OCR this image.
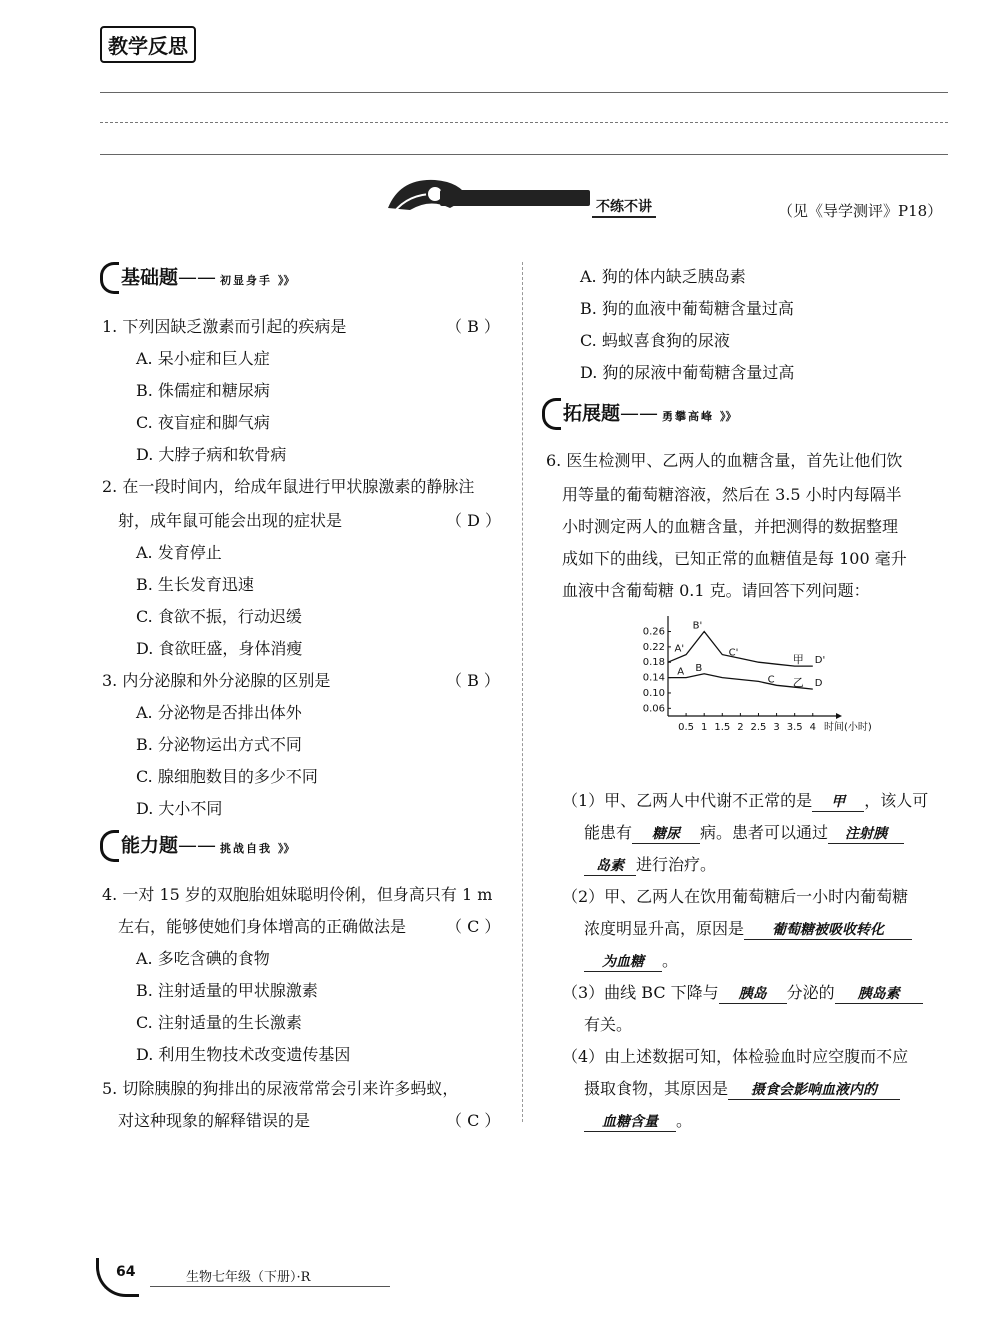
教学反思
不练不讲	（见《导学测评》P18）
基础题—— 初显身手 》》
1. 下列因缺乏激素而引起的疾病是	（ B ）
A. 呆小症和巨人症
B. 侏儒症和糖尿病
C. 夜盲症和脚气病
D. 大脖子病和软骨病
2. 在一段时间内，给成年鼠进行甲状腺激素的静脉注
射，成年鼠可能会出现的症状是	（ D ）
A. 发育停止
B. 生长发育迅速
C. 食欲不振，行动迟缓
D. 食欲旺盛，身体消瘦
3. 内分泌腺和外分泌腺的区别是	（ B ）
A. 分泌物是否排出体外
B. 分泌物运出方式不同
C. 腺细胞数目的多少不同
D. 大小不同
能力题—— 挑战自我 》》
4. 一对 15 岁的双胞胎姐妹聪明伶俐，但身高只有 1 m
左右，能够使她们身体增高的正确做法是 （ C ）
A. 多吃含碘的食物
B. 注射适量的甲状腺激素
C. 注射适量的生长激素
D. 利用生物技术改变遗传基因
5. 切除胰腺的狗排出的尿液常常会引来许多蚂蚁，
对这种现象的解释错误的是	（ C ）
A. 狗的体内缺乏胰岛素
B. 狗的血液中葡萄糖含量过高
C. 蚂蚁喜食狗的尿液
D. 狗的尿液中葡萄糖含量过高
拓展题—— 勇攀高峰 》》
6. 医生检测甲、乙两人的血糖含量，首先让他们饮
用等量的葡萄糖溶液，然后在 3.5 小时内每隔半
小时测定两人的血糖含量，并把测得的数据整理
成如下的曲线，已知正常的血糖值是每 100 毫升
血液中含葡萄糖 0.1 克。请回答下列问题：
0.26
0.22
0.18
0.14
0.10
0.06
0.5 1 1.5 2 2.5 3 3.5 4 时间(小时)
B'
C'
D'
A'
甲
B
C	D
A
乙
（1）甲、乙两人中代谢不正常的是 甲 ，该人可
能患有 糖尿 病。患者可以通过 注射胰
岛素 进行治疗。
（2）甲、乙两人在饮用葡萄糖后一小时内葡萄糖
浓度明显升高，原因是 葡萄糖被吸收转化
为血糖 。
（3）曲线 BC 下降与 胰岛 分泌的 胰岛素
有关。
（4）由上述数据可知，体检验血时应空腹而不应
摄取食物，其原因是 摄食会影响血液内的
血糖含量 。
64	生物七年级（下册）·R
